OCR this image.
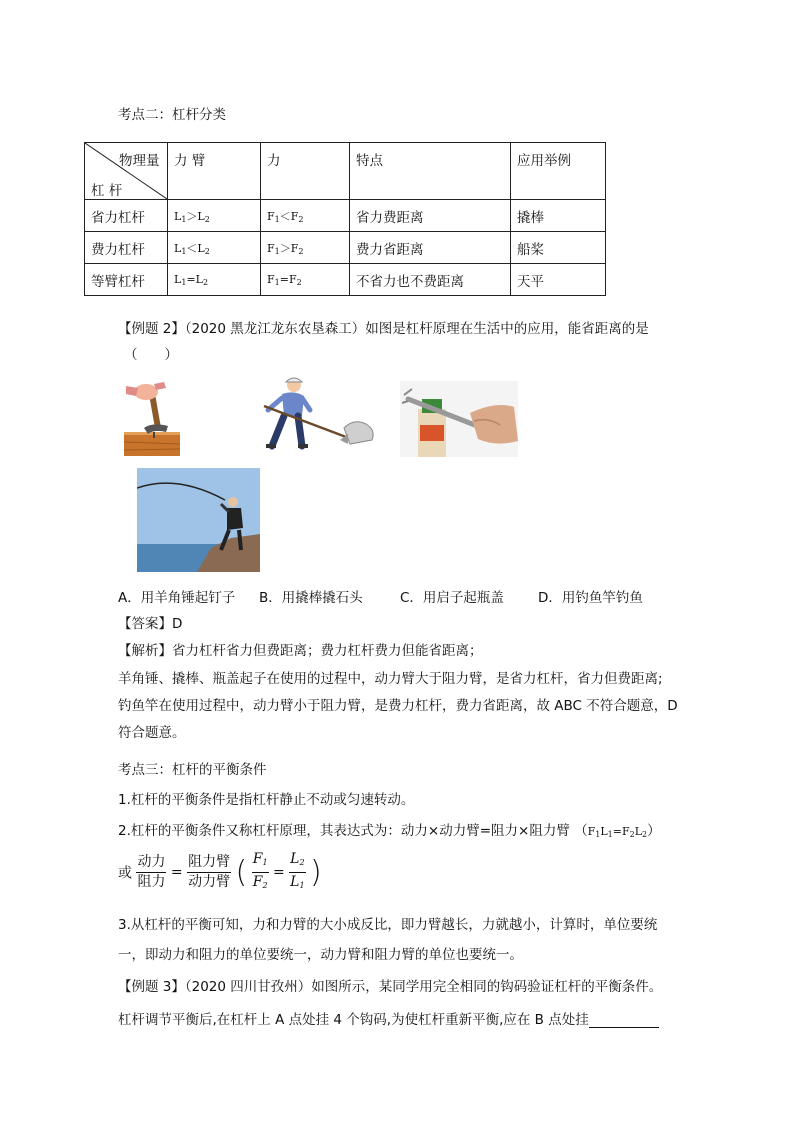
考点二：杠杆分类
物理量
杠 杆	力 臂	力	特点	应用举例
省力杠杆	$L_1>L_2$	$F_1<F_2$	省力费距离	撬棒
费力杠杆	$L_1<L_2$	$F_1>F_2$	费力省距离	船桨
等臂杠杆	$L_1=L_2$	$F_1=F_2$	不省力也不费距离	天平
【例题 2】（2020 黑龙江龙东农垦森工）如图是杠杆原理在生活中的应用，能省距离的是
（　　）
A．用羊角锤起钉子 B．用撬棒撬石头	C．用启子起瓶盖	D．用钓鱼竿钓鱼
【答案】D
【解析】省力杠杆省力但费距离；费力杠杆费力但能省距离；
羊角锤、撬棒、瓶盖起子在使用的过程中，动力臂大于阻力臂，是省力杠杆，省力但费距离;
钓鱼竿在使用过程中，动力臂小于阻力臂，是费力杠杆，费力省距离，故 ABC 不符合题意，D
符合题意。
考点三：杠杆的平衡条件
1.杠杆的平衡条件是指杠杆静止不动或匀速转动。
2.杠杆的平衡条件又称杠杆原理，其表达式为：动力×动力臂=阻力×阻力臂 $(F_1L_1=F_2L_2)$
或 $\frac{\text{动力}}{\text{阻力}} = \frac{\text{阻力臂}}{\text{动力臂}}$ ( $\frac{F_1}{F_2} = \frac{L_2}{L_1}$ )
3.从杠杆的平衡可知，力和力臂的大小成反比，即力臂越长，力就越小，计算时，单位要统
一，即动力和阻力的单位要统一，动力臂和阻力臂的单位也要统一。
【例题 3】（2020 四川甘孜州）如图所示，某同学用完全相同的钩码验证杠杆的平衡条件。
杠杆调节平衡后,在杠杆上 A 点处挂 4 个钩码,为使杠杆重新平衡,应在 B 点处挂
